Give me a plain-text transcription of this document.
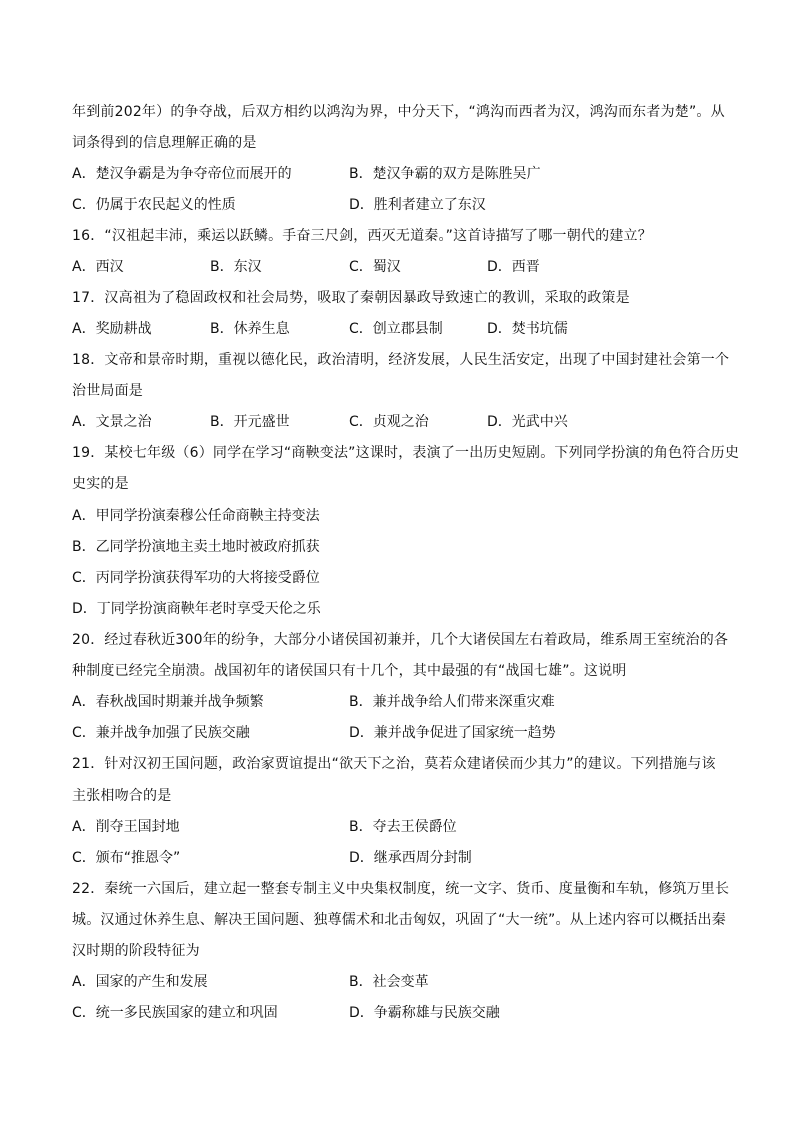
年到前202年）的争夺战，后双方相约以鸿沟为界，中分天下，“鸿沟而西者为汉，鸿沟而东者为楚”。从
词条得到的信息理解正确的是
A．楚汉争霸是为争夺帝位而展开的	B．楚汉争霸的双方是陈胜吴广
C．仍属于农民起义的性质	D．胜利者建立了东汉
16．“汉祖起丰沛，乘运以跃鳞。手奋三尺剑，西灭无道秦。”这首诗描写了哪一朝代的建立？
A．西汉	B．东汉	C．蜀汉	D．西晋
17．汉高祖为了稳固政权和社会局势，吸取了秦朝因暴政导致速亡的教训，采取的政策是
A．奖励耕战	B．休养生息	C．创立郡县制	D．焚书坑儒
18．文帝和景帝时期，重视以德化民，政治清明，经济发展，人民生活安定，出现了中国封建社会第一个
治世局面是
A．文景之治	B．开元盛世	C．贞观之治	D．光武中兴
19．某校七年级（6）同学在学习“商鞅变法”这课时，表演了一出历史短剧。下列同学扮演的角色符合历史
史实的是
A．甲同学扮演秦穆公任命商鞅主持变法
B．乙同学扮演地主卖土地时被政府抓获
C．丙同学扮演获得军功的大将接受爵位
D．丁同学扮演商鞅年老时享受天伦之乐
20．经过春秋近300年的纷争，大部分小诸侯国初兼并，几个大诸侯国左右着政局，维系周王室统治的各
种制度已经完全崩溃。战国初年的诸侯国只有十几个，其中最强的有“战国七雄”。这说明
A．春秋战国时期兼并战争频繁	B．兼并战争给人们带来深重灾难
C．兼并战争加强了民族交融	D．兼并战争促进了国家统一趋势
21．针对汉初王国问题，政治家贾谊提出“欲天下之治，莫若众建诸侯而少其力”的建议。下列措施与该
主张相吻合的是
A．削夺王国封地	B．夺去王侯爵位
C．颁布“推恩令”	D．继承西周分封制
22．秦统一六国后，建立起一整套专制主义中央集权制度，统一文字、货币、度量衡和车轨，修筑万里长
城。汉通过休养生息、解决王国问题、独尊儒术和北击匈奴，巩固了“大一统”。从上述内容可以概括出秦
汉时期的阶段特征为
A．国家的产生和发展	B．社会变革
C．统一多民族国家的建立和巩固	D．争霸称雄与民族交融
